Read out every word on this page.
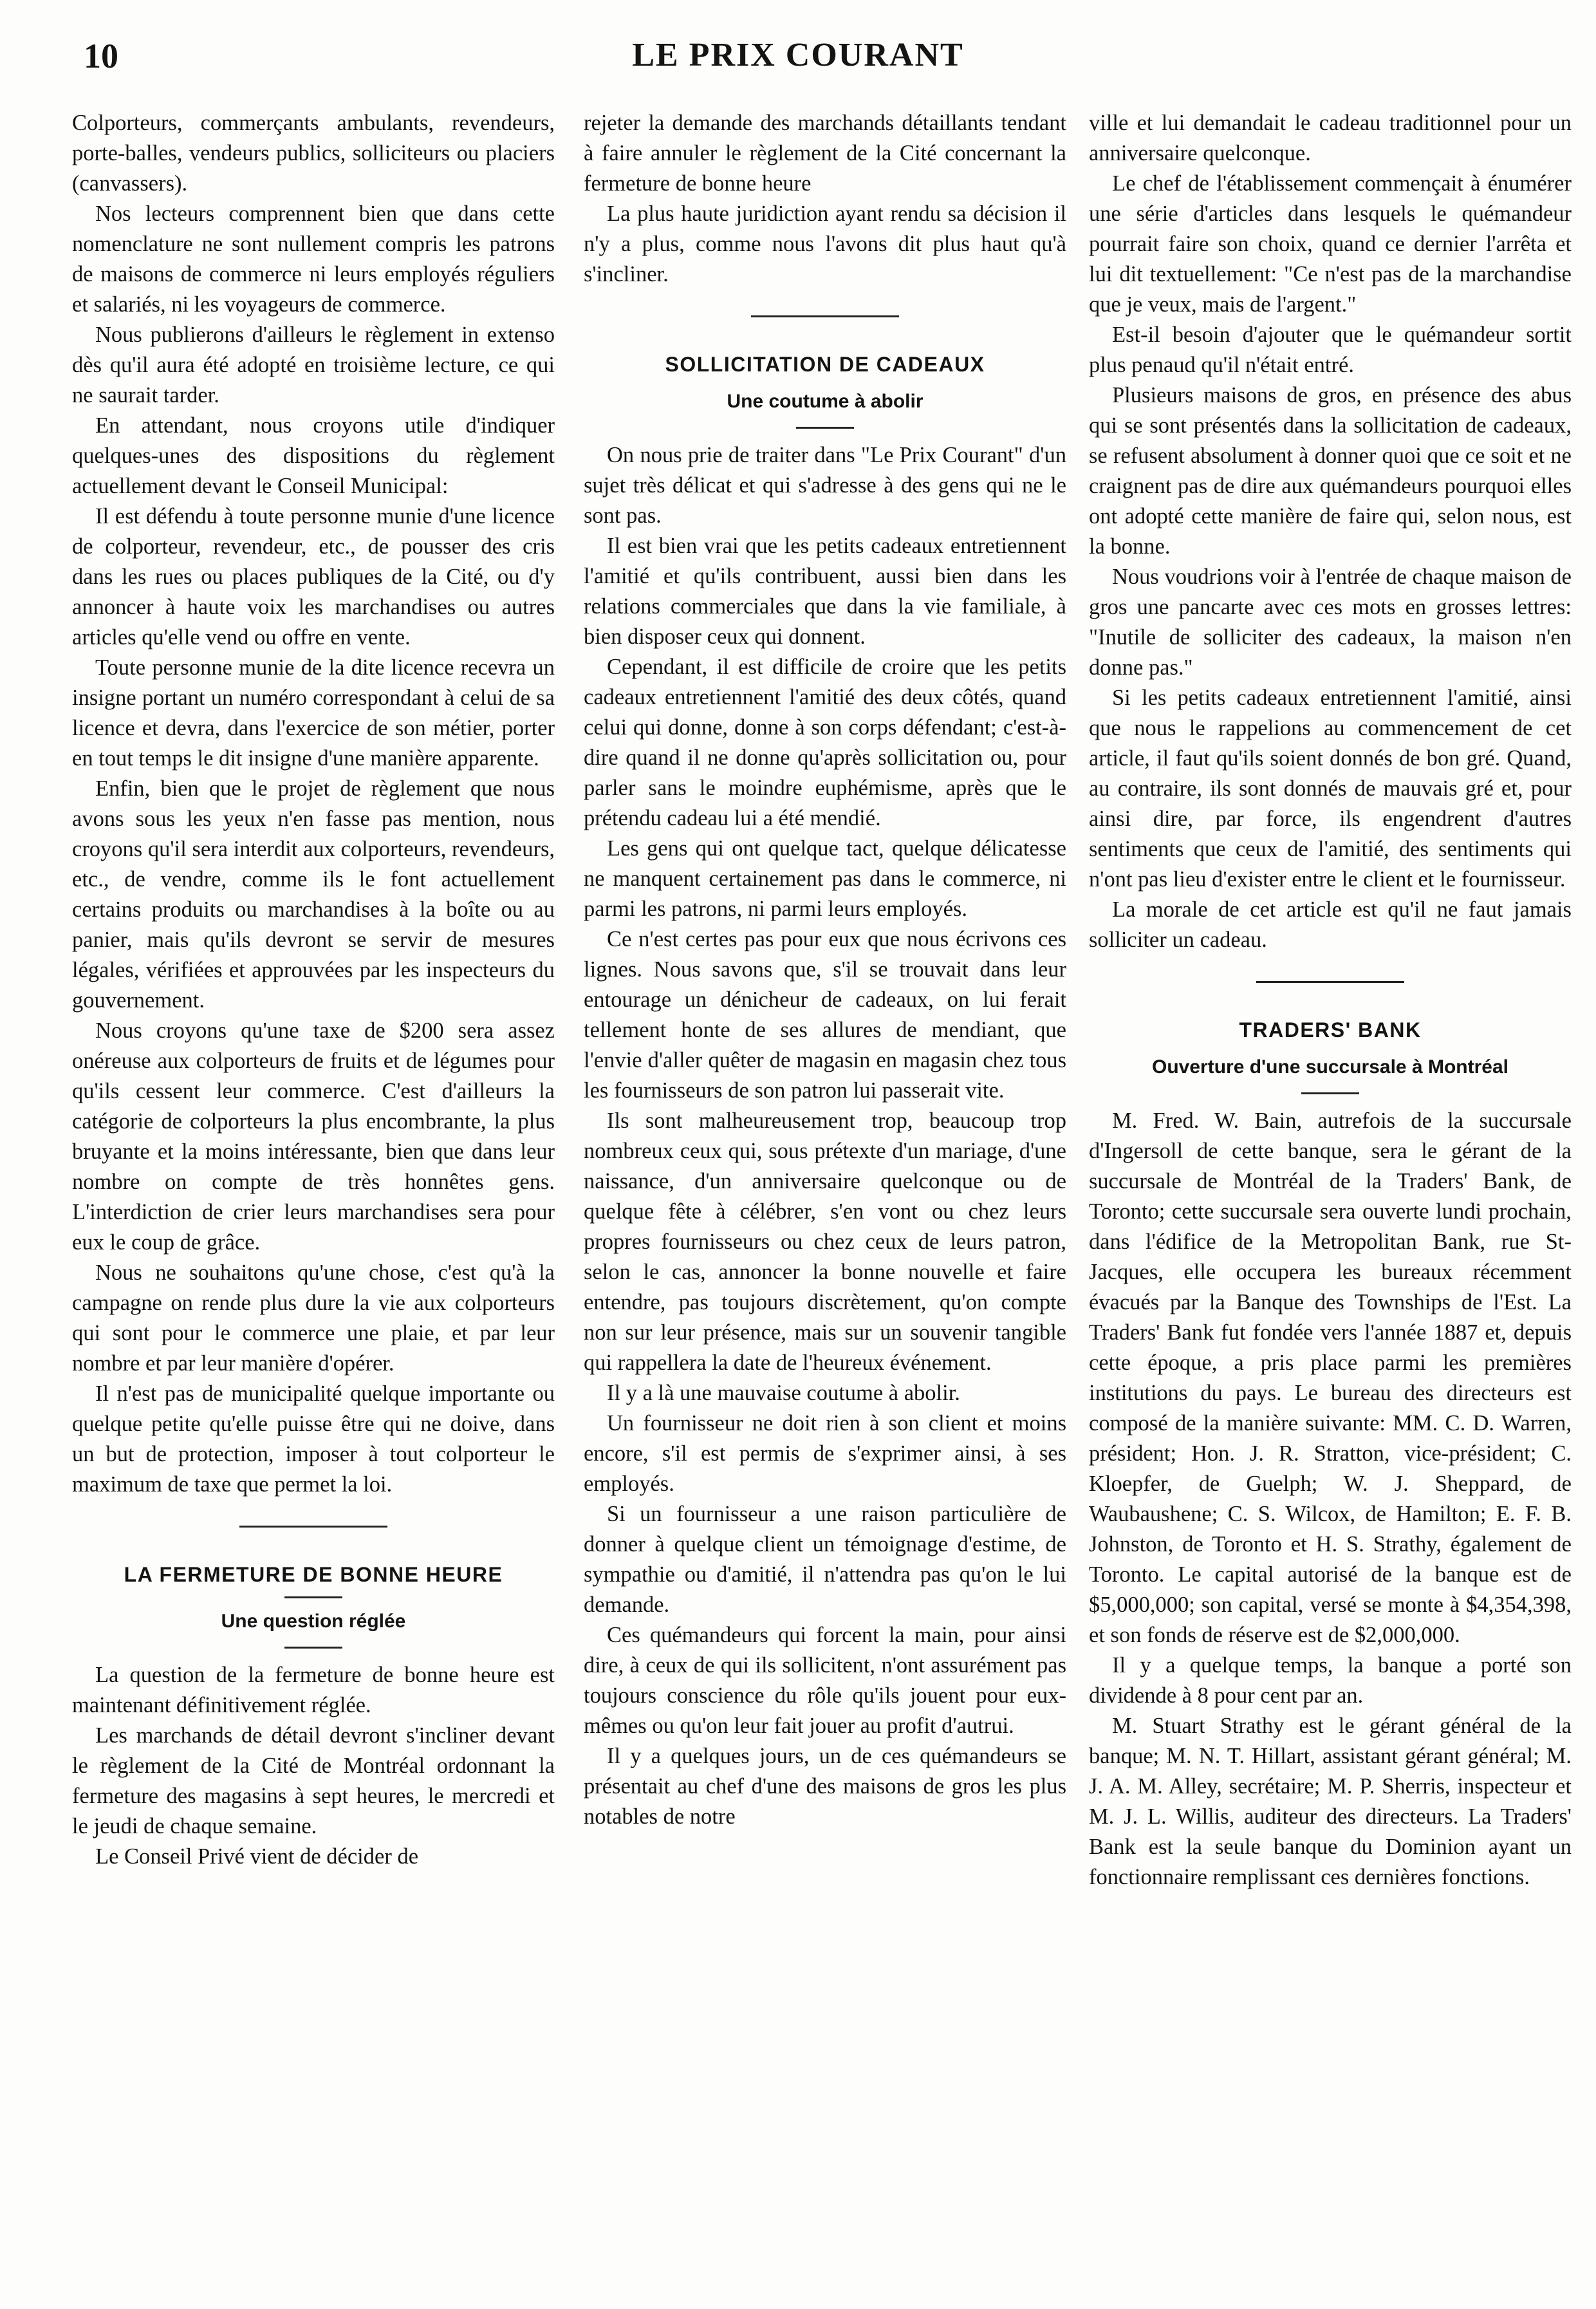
10	LE PRIX COURANT

Colporteurs, commerçants ambulants, revendeurs, porte-balles, vendeurs publics, solliciteurs ou placiers (canvassers).

Nos lecteurs comprennent bien que dans cette nomenclature ne sont nullement compris les patrons de maisons de commerce ni leurs employés réguliers et salariés, ni les voyageurs de commerce.

Nous publierons d'ailleurs le règlement in extenso dès qu'il aura été adopté en troisième lecture, ce qui ne saurait tarder.

En attendant, nous croyons utile d'indiquer quelques-unes des dispositions du règlement actuellement devant le Conseil Municipal:

Il est défendu à toute personne munie d'une licence de colporteur, revendeur, etc., de pousser des cris dans les rues ou places publiques de la Cité, ou d'y annoncer à haute voix les marchandises ou autres articles qu'elle vend ou offre en vente.

Toute personne munie de la dite licence recevra un insigne portant un numéro correspondant à celui de sa licence et devra, dans l'exercice de son métier, porter en tout temps le dit insigne d'une manière apparente.

Enfin, bien que le projet de règlement que nous avons sous les yeux n'en fasse pas mention, nous croyons qu'il sera interdit aux colporteurs, revendeurs, etc., de vendre, comme ils le font actuellement certains produits ou marchandises à la boîte ou au panier, mais qu'ils devront se servir de mesures légales, vérifiées et approuvées par les inspecteurs du gouvernement.

Nous croyons qu'une taxe de $200 sera assez onéreuse aux colporteurs de fruits et de légumes pour qu'ils cessent leur commerce. C'est d'ailleurs la catégorie de colporteurs la plus encombrante, la plus bruyante et la moins intéressante, bien que dans leur nombre on compte de très honnêtes gens. L'interdiction de crier leurs marchandises sera pour eux le coup de grâce.

Nous ne souhaitons qu'une chose, c'est qu'à la campagne on rende plus dure la vie aux colporteurs qui sont pour le commerce une plaie, et par leur nombre et par leur manière d'opérer.

Il n'est pas de municipalité quelque importante ou quelque petite qu'elle puisse être qui ne doive, dans un but de protection, imposer à tout colporteur le maximum de taxe que permet la loi.

LA FERMETURE DE BONNE HEURE
Une question réglée

La question de la fermeture de bonne heure est maintenant définitivement réglée.

Les marchands de détail devront s'incliner devant le règlement de la Cité de Montréal ordonnant la fermeture des magasins à sept heures, le mercredi et le jeudi de chaque semaine.

Le Conseil Privé vient de décider de

rejeter la demande des marchands détaillants tendant à faire annuler le règlement de la Cité concernant la fermeture de bonne heure

La plus haute juridiction ayant rendu sa décision il n'y a plus, comme nous l'avons dit plus haut qu'à s'incliner.

SOLLICITATION DE CADEAUX
Une coutume à abolir

On nous prie de traiter dans "Le Prix Courant" d'un sujet très délicat et qui s'adresse à des gens qui ne le sont pas.

Il est bien vrai que les petits cadeaux entretiennent l'amitié et qu'ils contribuent, aussi bien dans les relations commerciales que dans la vie familiale, à bien disposer ceux qui donnent.

Cependant, il est difficile de croire que les petits cadeaux entretiennent l'amitié des deux côtés, quand celui qui donne, donne à son corps défendant; c'est-à-dire quand il ne donne qu'après sollicitation ou, pour parler sans le moindre euphémisme, après que le prétendu cadeau lui a été mendié.

Les gens qui ont quelque tact, quelque délicatesse ne manquent certainement pas dans le commerce, ni parmi les patrons, ni parmi leurs employés.

Ce n'est certes pas pour eux que nous écrivons ces lignes. Nous savons que, s'il se trouvait dans leur entourage un dénicheur de cadeaux, on lui ferait tellement honte de ses allures de mendiant, que l'envie d'aller quêter de magasin en magasin chez tous les fournisseurs de son patron lui passerait vite.

Ils sont malheureusement trop, beaucoup trop nombreux ceux qui, sous prétexte d'un mariage, d'une naissance, d'un anniversaire quelconque ou de quelque fête à célébrer, s'en vont ou chez leurs propres fournisseurs ou chez ceux de leurs patron, selon le cas, annoncer la bonne nouvelle et faire entendre, pas toujours discrètement, qu'on compte non sur leur présence, mais sur un souvenir tangible qui rappellera la date de l'heureux événement.

Il y a là une mauvaise coutume à abolir.

Un fournisseur ne doit rien à son client et moins encore, s'il est permis de s'exprimer ainsi, à ses employés.

Si un fournisseur a une raison particulière de donner à quelque client un témoignage d'estime, de sympathie ou d'amitié, il n'attendra pas qu'on le lui demande.

Ces quémandeurs qui forcent la main, pour ainsi dire, à ceux de qui ils sollicitent, n'ont assurément pas toujours conscience du rôle qu'ils jouent pour eux-mêmes ou qu'on leur fait jouer au profit d'autrui.

Il y a quelques jours, un de ces quémandeurs se présentait au chef d'une des maisons de gros les plus notables de notre

ville et lui demandait le cadeau traditionnel pour un anniversaire quelconque.

Le chef de l'établissement commençait à énumérer une série d'articles dans lesquels le quémandeur pourrait faire son choix, quand ce dernier l'arrêta et lui dit textuellement: "Ce n'est pas de la marchandise que je veux, mais de l'argent."

Est-il besoin d'ajouter que le quémandeur sortit plus penaud qu'il n'était entré.

Plusieurs maisons de gros, en présence des abus qui se sont présentés dans la sollicitation de cadeaux, se refusent absolument à donner quoi que ce soit et ne craignent pas de dire aux quémandeurs pourquoi elles ont adopté cette manière de faire qui, selon nous, est la bonne.

Nous voudrions voir à l'entrée de chaque maison de gros une pancarte avec ces mots en grosses lettres: "Inutile de solliciter des cadeaux, la maison n'en donne pas."

Si les petits cadeaux entretiennent l'amitié, ainsi que nous le rappelions au commencement de cet article, il faut qu'ils soient donnés de bon gré. Quand, au contraire, ils sont donnés de mauvais gré et, pour ainsi dire, par force, ils engendrent d'autres sentiments que ceux de l'amitié, des sentiments qui n'ont pas lieu d'exister entre le client et le fournisseur.

La morale de cet article est qu'il ne faut jamais solliciter un cadeau.

TRADERS' BANK
Ouverture d'une succursale à Montréal

M. Fred. W. Bain, autrefois de la succursale d'Ingersoll de cette banque, sera le gérant de la succursale de Montréal de la Traders' Bank, de Toronto; cette succursale sera ouverte lundi prochain, dans l'édifice de la Metropolitan Bank, rue St-Jacques, elle occupera les bureaux récemment évacués par la Banque des Townships de l'Est. La Traders' Bank fut fondée vers l'année 1887 et, depuis cette époque, a pris place parmi les premières institutions du pays. Le bureau des directeurs est composé de la manière suivante: MM. C. D. Warren, président; Hon. J. R. Stratton, vice-président; C. Kloepfer, de Guelph; W. J. Sheppard, de Waubaushene; C. S. Wilcox, de Hamilton; E. F. B. Johnston, de Toronto et H. S. Strathy, également de Toronto. Le capital autorisé de la banque est de $5,000,000; son capital, versé se monte à $4,354,398, et son fonds de réserve est de $2,000,000.

Il y a quelque temps, la banque a porté son dividende à 8 pour cent par an.

M. Stuart Strathy est le gérant général de la banque; M. N. T. Hillart, assistant gérant général; M. J. A. M. Alley, secrétaire; M. P. Sherris, inspecteur et M. J. L. Willis, auditeur des directeurs. La Traders' Bank est la seule banque du Dominion ayant un fonctionnaire remplissant ces dernières fonctions.
